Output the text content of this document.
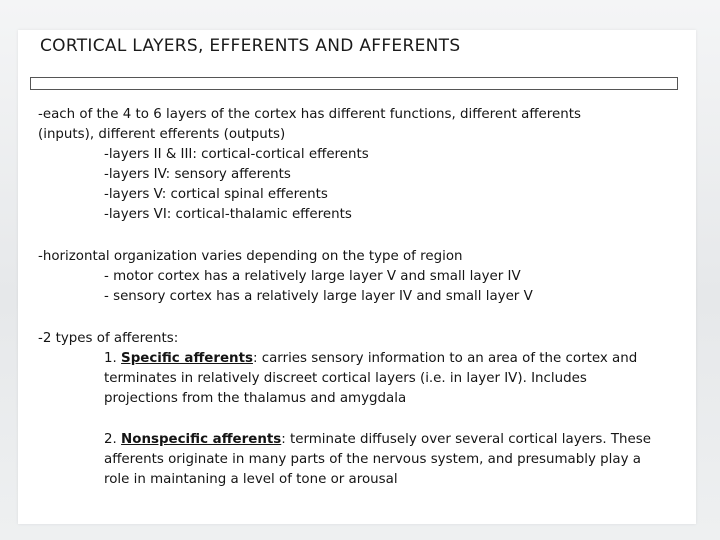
CORTICAL LAYERS, EFFERENTS AND AFFERENTS
-each of the 4 to 6 layers of the cortex has different functions, different afferents
(inputs), different efferents (outputs)
-layers II & III: cortical-cortical efferents
-layers IV: sensory afferents
-layers V: cortical spinal efferents
-layers VI: cortical-thalamic efferents
-horizontal organization varies depending on the type of region
- motor cortex has a relatively large layer V and small layer IV
- sensory cortex has a relatively large layer IV and small layer V
-2 types of afferents:
1. Specific afferents: carries sensory information to an area of the cortex and
terminates in relatively discreet cortical layers (i.e. in layer IV). Includes
projections from the thalamus and amygdala
2. Nonspecific afferents: terminate diffusely over several cortical layers. These
afferents originate in many parts of the nervous system, and presumably play a
role in maintaning a level of tone or arousal
